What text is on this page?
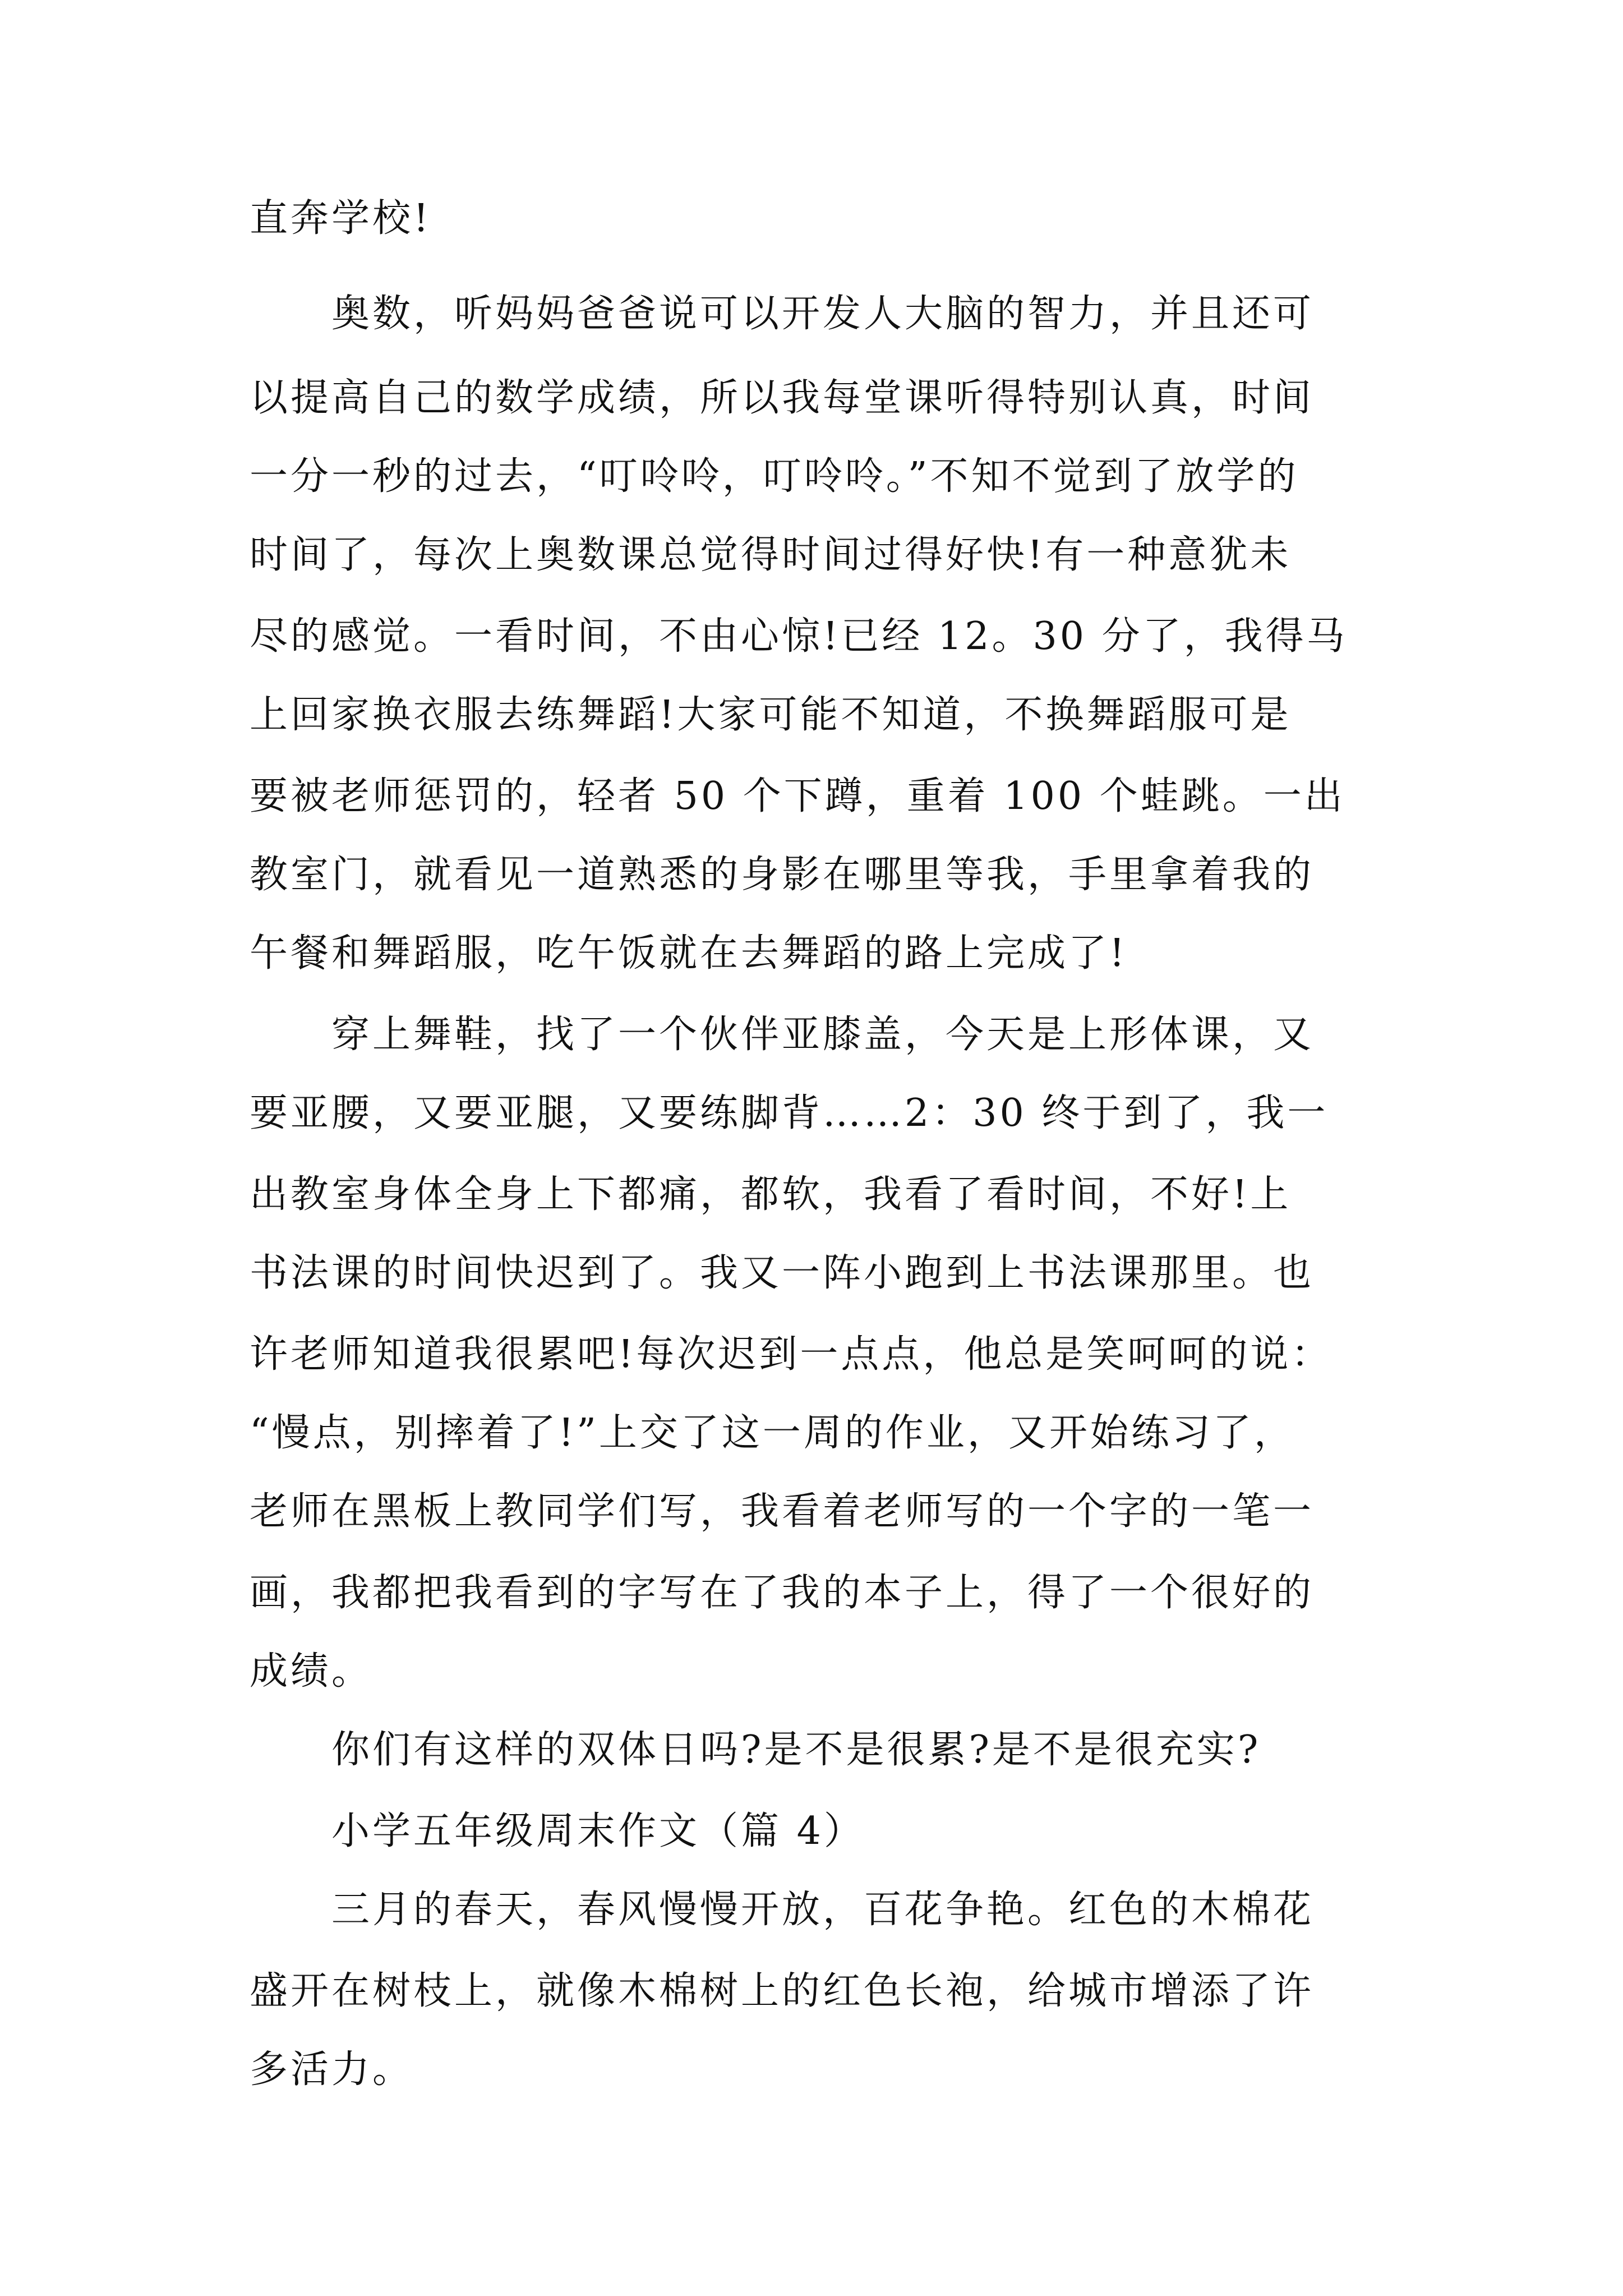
直奔学校!
　　奥数，听妈妈爸爸说可以开发人大脑的智力，并且还可
以提高自己的数学成绩，所以我每堂课听得特别认真，时间
一分一秒的过去，“叮呤呤，叮呤呤。”不知不觉到了放学的
时间了，每次上奥数课总觉得时间过得好快!有一种意犹未
尽的感觉。一看时间，不由心惊!已经 12。30 分了，我得马
上回家换衣服去练舞蹈!大家可能不知道，不换舞蹈服可是
要被老师惩罚的，轻者 50 个下蹲，重着 100 个蛙跳。一出
教室门，就看见一道熟悉的身影在哪里等我，手里拿着我的
午餐和舞蹈服，吃午饭就在去舞蹈的路上完成了!
　　穿上舞鞋，找了一个伙伴亚膝盖，今天是上形体课，又
要亚腰，又要亚腿，又要练脚背……2：30 终于到了，我一
出教室身体全身上下都痛，都软，我看了看时间，不好!上
书法课的时间快迟到了。我又一阵小跑到上书法课那里。也
许老师知道我很累吧!每次迟到一点点，他总是笑呵呵的说：
“慢点，别摔着了!”上交了这一周的作业，又开始练习了，
老师在黑板上教同学们写，我看着老师写的一个字的一笔一
画，我都把我看到的字写在了我的本子上，得了一个很好的
成绩。
　　你们有这样的双体日吗?是不是很累?是不是很充实?
　　小学五年级周末作文（篇 4）
　　三月的春天，春风慢慢开放，百花争艳。红色的木棉花
盛开在树枝上，就像木棉树上的红色长袍，给城市增添了许
多活力。
